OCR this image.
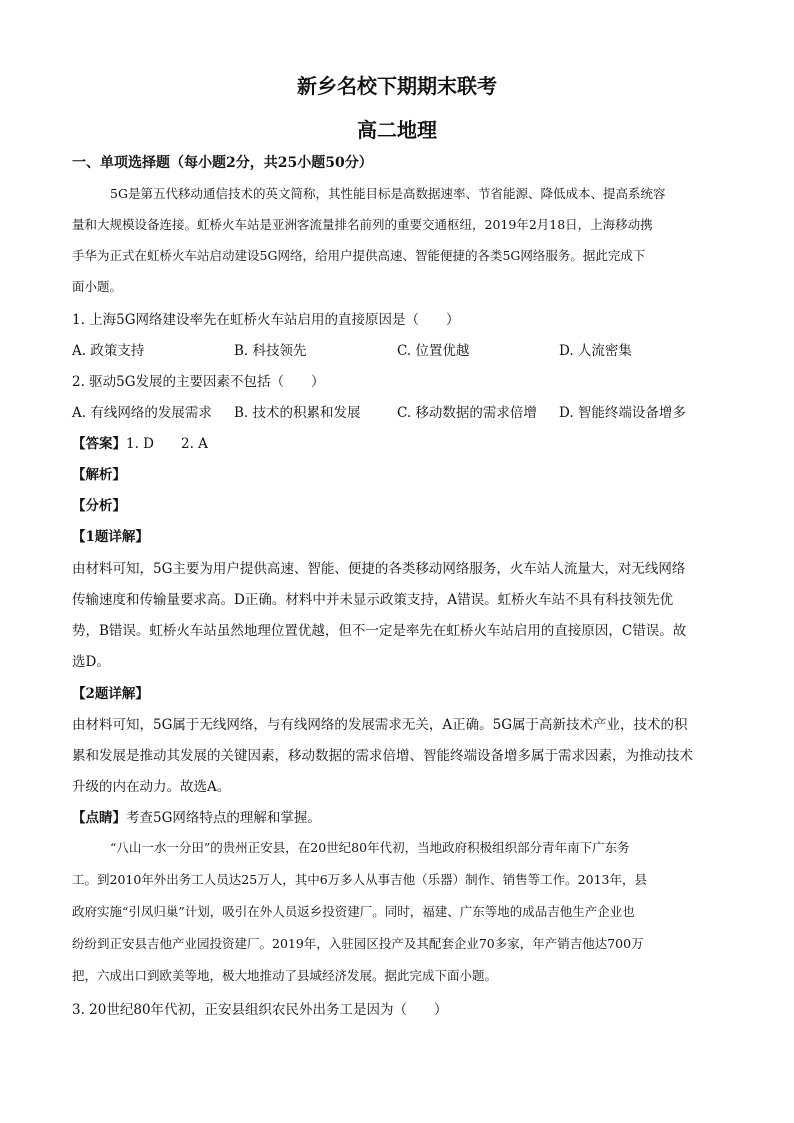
新乡名校下期期末联考
高二地理
一、单项选择题（每小题2分，共25小题50分）
5G是第五代移动通信技术的英文简称，其性能目标是高数据速率、节省能源、降低成本、提高系统容
量和大规模设备连接。虹桥火车站是亚洲客流量排名前列的重要交通枢纽，2019年2月18日，上海移动携
手华为正式在虹桥火车站启动建设5G网络，给用户提供高速、智能便捷的各类5G网络服务。据此完成下
面小题。
1. 上海5G网络建设率先在虹桥火车站启用的直接原因是（　　）
A. 政策支持	B. 科技领先	C. 位置优越	D. 人流密集
2. 驱动5G发展的主要因素不包括（　　）
A. 有线网络的发展需求 B. 技术的积累和发展	C. 移动数据的需求倍增 D. 智能终端设备增多
【答案】1. D　　2. A
【解析】
【分析】
【1题详解】
由材料可知，5G主要为用户提供高速、智能、便捷的各类移动网络服务，火车站人流量大，对无线网络
传输速度和传输量要求高。D正确。材料中并未显示政策支持，A错误。虹桥火车站不具有科技领先优
势，B错误。虹桥火车站虽然地理位置优越，但不一定是率先在虹桥火车站启用的直接原因，C错误。故
选D。
【2题详解】
由材料可知，5G属于无线网络，与有线网络的发展需求无关，A正确。5G属于高新技术产业，技术的积
累和发展是推动其发展的关键因素，移动数据的需求倍增、智能终端设备增多属于需求因素，为推动技术
升级的内在动力。故选A。
【点睛】考查5G网络特点的理解和掌握。
“八山一水一分田”的贵州正安县，在20世纪80年代初，当地政府积极组织部分青年南下广东务
工。到2010年外出务工人员达25万人，其中6万多人从事吉他（乐器）制作、销售等工作。2013年，县
政府实施“引凤归巢”计划，吸引在外人员返乡投资建厂。同时，福建、广东等地的成品吉他生产企业也
纷纷到正安县吉他产业园投资建厂。2019年，入驻园区投产及其配套企业70多家，年产销吉他达700万
把，六成出口到欧美等地，极大地推动了县域经济发展。据此完成下面小题。
3. 20世纪80年代初，正安县组织农民外出务工是因为（　　）
